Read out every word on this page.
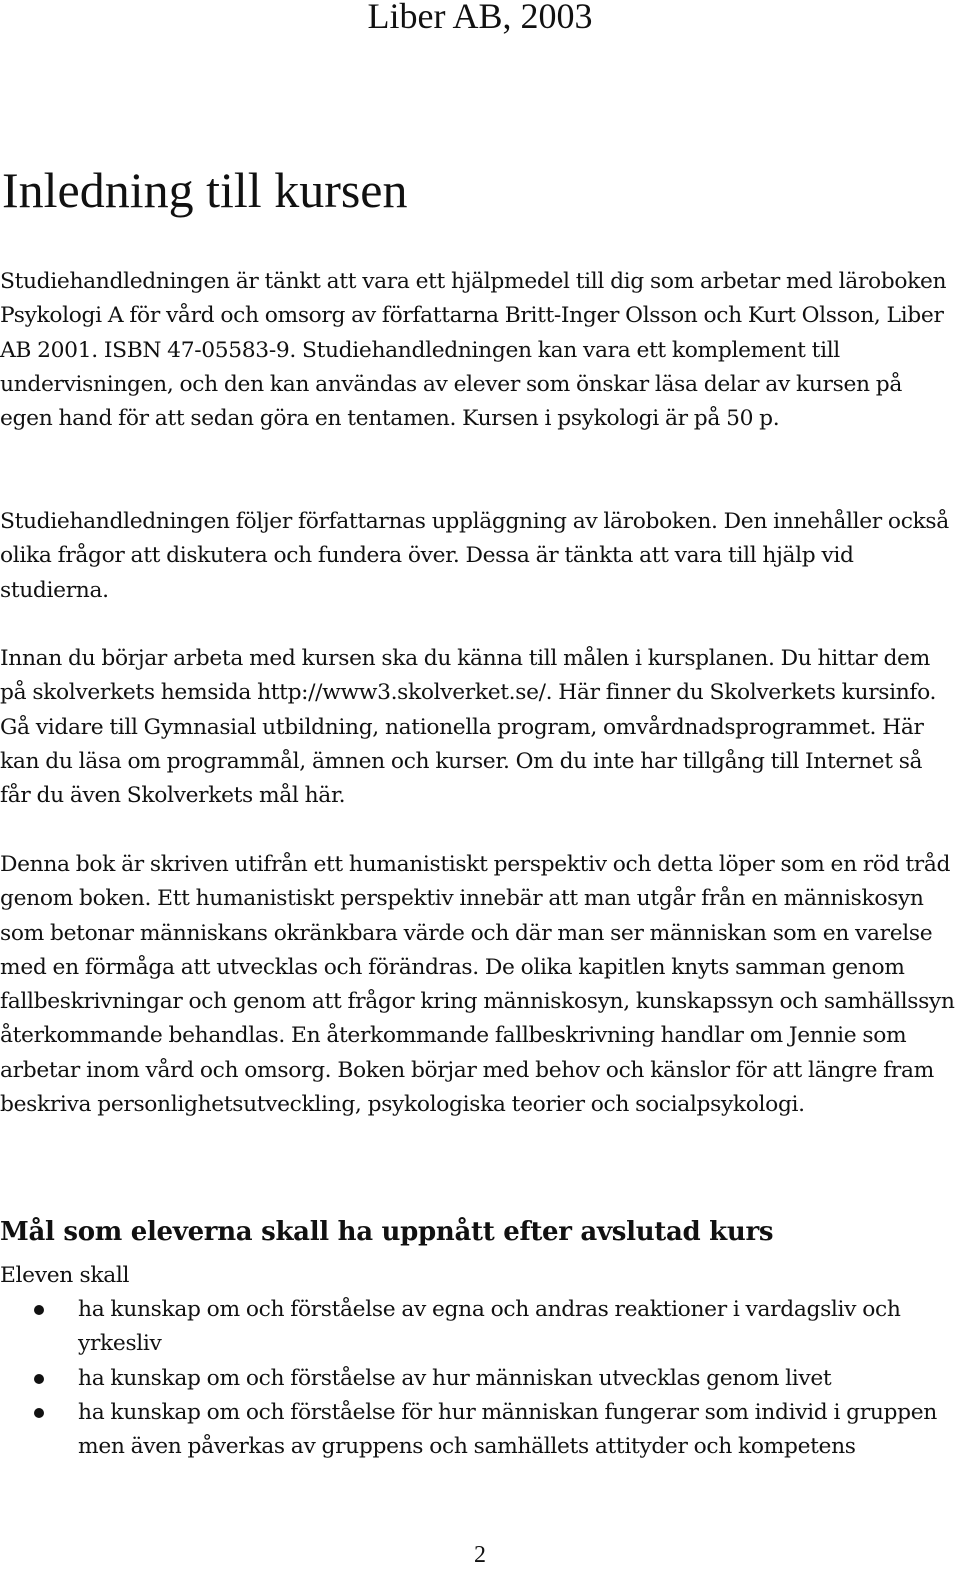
Liber AB, 2003
Inledning till kursen

Studiehandledningen är tänkt att vara ett hjälpmedel till dig som arbetar med läroboken Psykologi A för vård och omsorg av författarna Britt-Inger Olsson och Kurt Olsson, Liber AB 2001. ISBN 47-05583-9. Studiehandledningen kan vara ett komplement till undervisningen, och den kan användas av elever som önskar läsa delar av kursen på egen hand för att sedan göra en tentamen. Kursen i psykologi är på 50 p.

Studiehandledningen följer författarnas uppläggning av läroboken. Den innehåller också olika frågor att diskutera och fundera över. Dessa är tänkta att vara till hjälp vid studierna.

Innan du börjar arbeta med kursen ska du känna till målen i kursplanen. Du hittar dem på skolverkets hemsida http://www3.skolverket.se/. Här finner du Skolverkets kursinfo. Gå vidare till Gymnasial utbildning, nationella program, omvårdnadsprogrammet. Här kan du läsa om programmål, ämnen och kurser. Om du inte har tillgång till Internet så får du även Skolverkets mål här.

Denna bok är skriven utifrån ett humanistiskt perspektiv och detta löper som en röd tråd genom boken. Ett humanistiskt perspektiv innebär att man utgår från en människosyn som betonar människans okränkbara värde och där man ser människan som en varelse med en förmåga att utvecklas och förändras. De olika kapitlen knyts samman genom fallbeskrivningar och genom att frågor kring människosyn, kunskapssyn och samhällssyn återkommande behandlas. En återkommande fallbeskrivning handlar om Jennie som arbetar inom vård och omsorg. Boken börjar med behov och känslor för att längre fram beskriva personlighetsutveckling, psykologiska teorier och socialpsykologi.

Mål som eleverna skall ha uppnått efter avslutad kurs

Eleven skall

ha kunskap om och förståelse av egna och andras reaktioner i vardagsliv och yrkesliv
ha kunskap om och förståelse av hur människan utvecklas genom livet
ha kunskap om och förståelse för hur människan fungerar som individ i gruppen men även påverkas av gruppens och samhällets attityder och kompetens

2
